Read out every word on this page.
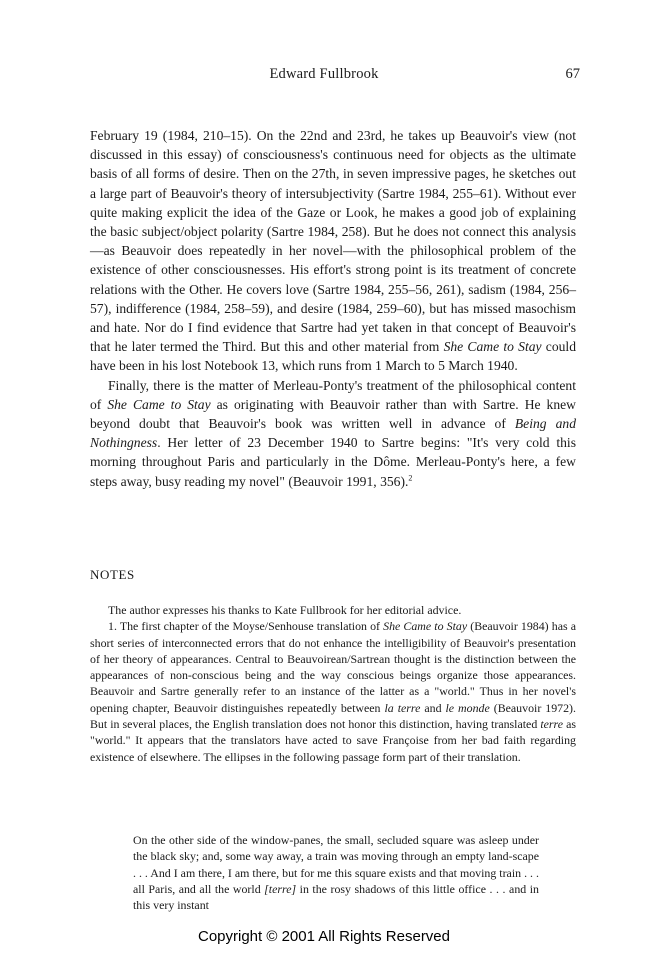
Edward Fullbrook	67

February 19 (1984, 210–15). On the 22nd and 23rd, he takes up Beauvoir's view (not discussed in this essay) of consciousness's continuous need for objects as the ultimate basis of all forms of desire. Then on the 27th, in seven impressive pages, he sketches out a large part of Beauvoir's theory of intersubjectivity (Sartre 1984, 255–61). Without ever quite making explicit the idea of the Gaze or Look, he makes a good job of explaining the basic subject/object polarity (Sartre 1984, 258). But he does not connect this analysis—as Beauvoir does repeatedly in her novel—with the philosophical problem of the existence of other consciousnesses. His effort's strong point is its treatment of concrete relations with the Other. He covers love (Sartre 1984, 255–56, 261), sadism (1984, 256–57), indifference (1984, 258–59), and desire (1984, 259–60), but has missed masochism and hate. Nor do I find evidence that Sartre had yet taken in that concept of Beauvoir's that he later termed the Third. But this and other material from She Came to Stay could have been in his lost Notebook 13, which runs from 1 March to 5 March 1940.

Finally, there is the matter of Merleau-Ponty's treatment of the philosophical content of She Came to Stay as originating with Beauvoir rather than with Sartre. He knew beyond doubt that Beauvoir's book was written well in advance of Being and Nothingness. Her letter of 23 December 1940 to Sartre begins: "It's very cold this morning throughout Paris and particularly in the Dôme. Merleau-Ponty's here, a few steps away, busy reading my novel" (Beauvoir 1991, 356).$^2$

NOTES

The author expresses his thanks to Kate Fullbrook for her editorial advice.

1. The first chapter of the Moyse/Senhouse translation of She Came to Stay (Beauvoir 1984) has a short series of interconnected errors that do not enhance the intelligibility of Beauvoir's presentation of her theory of appearances. Central to Beauvoirean/Sartrean thought is the distinction between the appearances of non-conscious being and the way conscious beings organize those appearances. Beauvoir and Sartre generally refer to an instance of the latter as a "world." Thus in her novel's opening chapter, Beauvoir distinguishes repeatedly between la terre and le monde (Beauvoir 1972). But in several places, the English translation does not honor this distinction, having translated terre as "world." It appears that the translators have acted to save Françoise from her bad faith regarding existence of elsewhere. The ellipses in the following passage form part of their translation.

On the other side of the window-panes, the small, secluded square was asleep under the black sky; and, some way away, a train was moving through an empty land-scape . . . And I am there, I am there, but for me this square exists and that moving train . . . all Paris, and all the world [terre] in the rosy shadows of this little office . . . and in this very instant

Copyright © 2001 All Rights Reserved
